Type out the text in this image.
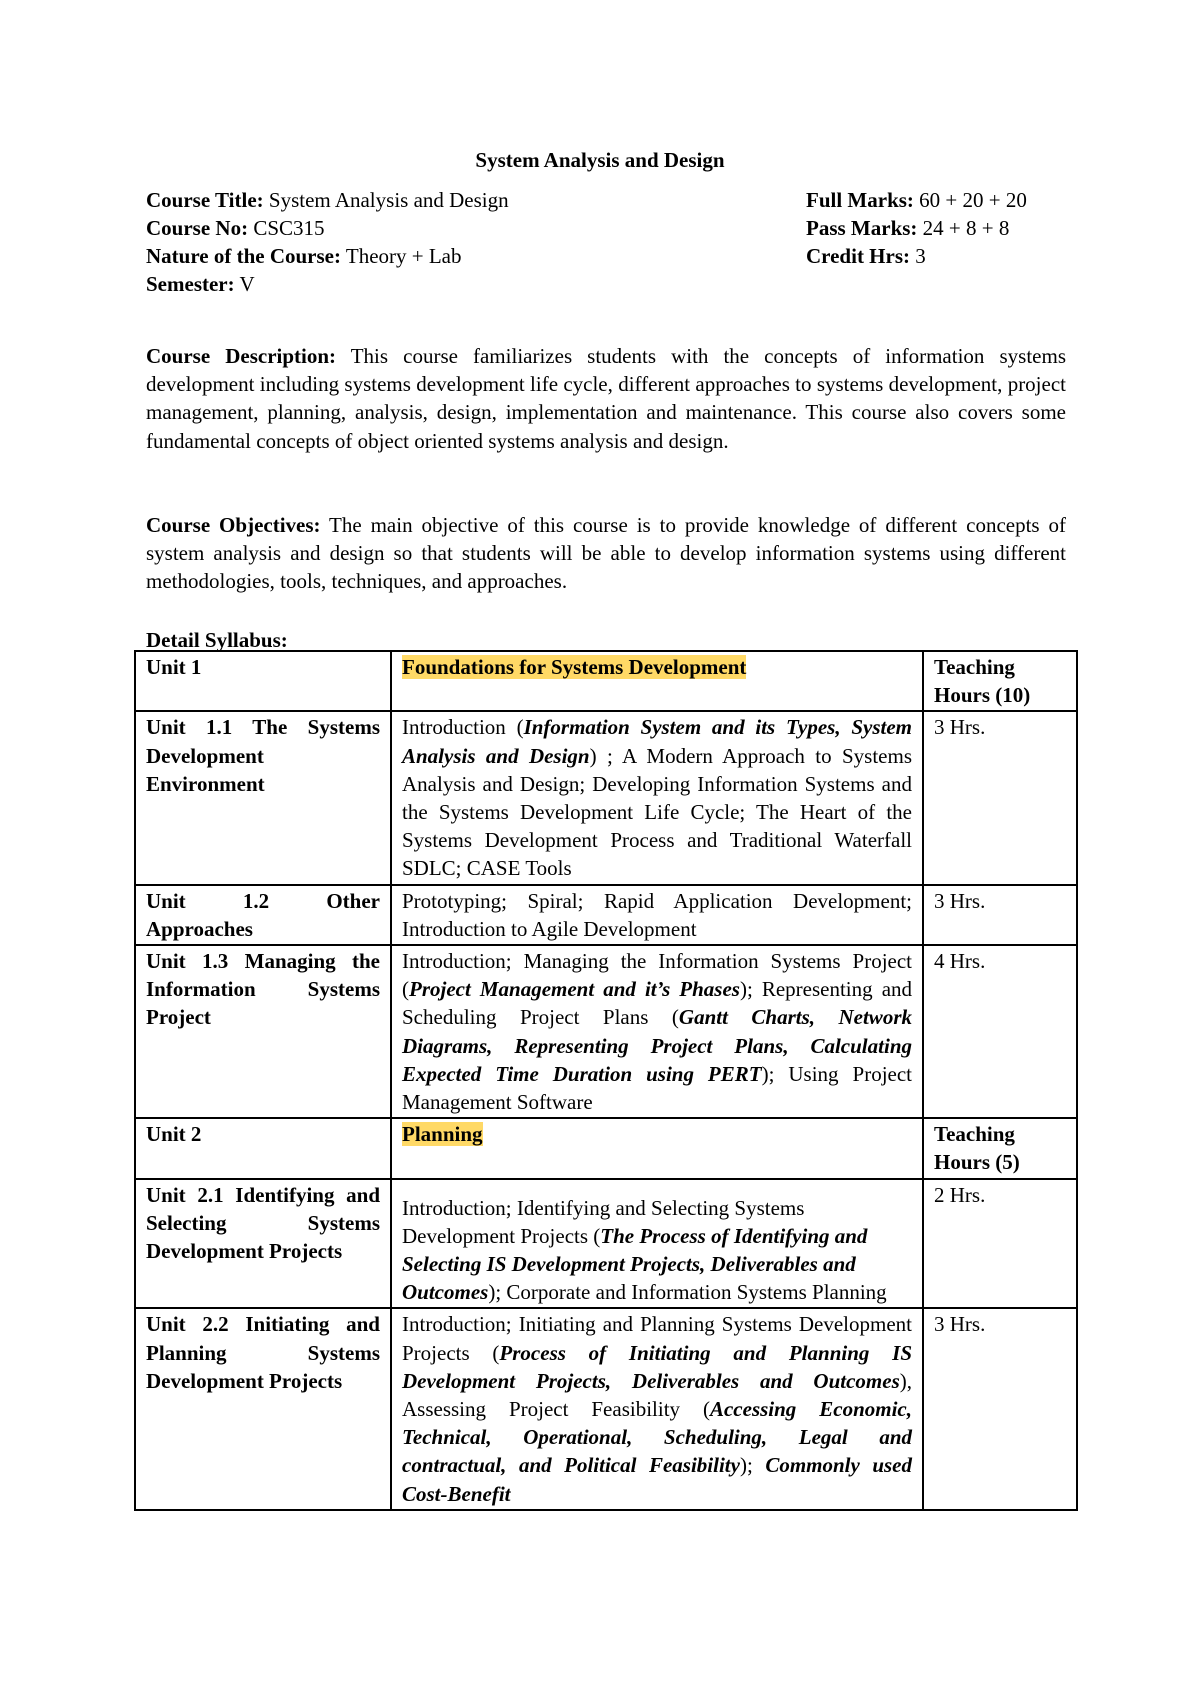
System Analysis and Design
Course Title: System Analysis and Design	Full Marks: 60 + 20 + 20
Course No: CSC315	Pass Marks: 24 + 8 + 8
Nature of the Course: Theory + Lab	Credit Hrs: 3
Semester: V

Course Description: This course familiarizes students with the concepts of information systems development including systems development life cycle, different approaches to systems development, project management, planning, analysis, design, implementation and maintenance. This course also covers some fundamental concepts of object oriented systems analysis and design.

Course Objectives: The main objective of this course is to provide knowledge of different concepts of system analysis and design so that students will be able to develop information systems using different methodologies, tools, techniques, and approaches.

Detail Syllabus:
Unit 1	Foundations for Systems Development	Teaching Hours (10)
Unit 1.1 The Systems Development Environment	Introduction (Information System and its Types, System Analysis and Design) ; A Modern Approach to Systems Analysis and Design; Developing Information Systems and the Systems Development Life Cycle; The Heart of the Systems Development Process and Traditional Waterfall SDLC; CASE Tools	3 Hrs.
Unit 1.2 Other Approaches	Prototyping; Spiral; Rapid Application Development; Introduction to Agile Development	3 Hrs.
Unit 1.3 Managing the Information Systems Project	Introduction; Managing the Information Systems Project (Project Management and it’s Phases); Representing and Scheduling Project Plans (Gantt Charts, Network Diagrams, Representing Project Plans, Calculating Expected Time Duration using PERT); Using Project Management Software	4 Hrs.
Unit 2	Planning	Teaching Hours (5)
Unit 2.1 Identifying and Selecting Systems Development Projects	Introduction; Identifying and Selecting Systems Development Projects (The Process of Identifying and Selecting IS Development Projects, Deliverables and Outcomes); Corporate and Information Systems Planning	2 Hrs.
Unit 2.2 Initiating and Planning Systems Development Projects	Introduction; Initiating and Planning Systems Development Projects (Process of Initiating and Planning IS Development Projects, Deliverables and Outcomes), Assessing Project Feasibility (Accessing Economic, Technical, Operational, Scheduling, Legal and contractual, and Political Feasibility); Commonly used Cost-Benefit	3 Hrs.
